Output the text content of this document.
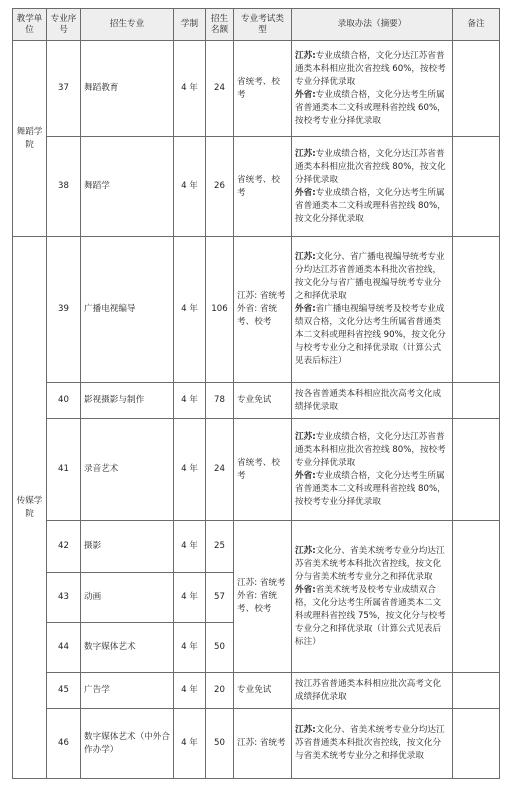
教学单位	专业序号	招生专业	学制	招生名额	专业考试类型	录取办法（摘要）	备注
舞蹈学院	37	舞蹈教育	4 年	24	省统考、校考	江苏:专业成绩合格，文化分达江苏省普通类本科相应批次省控线 60%，按校考专业分择优录取
外省:专业成绩合格，文化分达考生所属省普通类本二文科或理科省控线 60%，按校考专业分择优录取	

	38	舞蹈学	4 年	26	省统考、校考	江苏:专业成绩合格，文化分达江苏省普通类本科相应批次省控线 80%，按文化分择优录取
外省:专业成绩合格，文化分达考生所属省普通类本二文科或理科省控线 80%，按文化分择优录取	

传媒学院	39	广播电视编导	4 年	106	江苏: 省统考外省: 省统考、校考	江苏:文化分、省广播电视编导统考专业分均达江苏省普通类本科批次省控线，按文化分与省广播电视编导统考专业分之和择优录取
外省:省广播电视编导统考及校考专业成绩双合格，文化分达考生所属省普通类本二文科或理科省控线 90%，按文化分与校考专业分之和择优录取（计算公式见表后标注）	

	40	影视摄影与制作	4 年	78	专业免试	按各省普通类本科相应批次高考文化成绩择优录取	

	41	录音艺术	4 年	24	省统考、校考	江苏:专业成绩合格，文化分达江苏省普通类本科相应批次省控线 80%，按校考专业分择优录取
外省:专业成绩合格，文化分达考生所属省普通类本二文科或理科省控线 80%，按校考专业分择优录取	

	42	摄影	4 年	25	江苏: 省统考外省: 省统考、校考	江苏:文化分、省美术统考专业分均达江苏省美术统考本科批次省控线，按文化分与省美术统考专业分之和择优录取
外省:省美术统考及校考专业成绩双合格，文化分达考生所属省普通类本二文科或理科省控线 75%，按文化分与校考专业分之和择优录取（计算公式见表后标注）	

	43	动画	4 年	57			
	44	数字媒体艺术	4 年	50			
	45	广告学	4 年	20	专业免试	按江苏省普通类本科相应批次高考文化成绩择优录取	

	46	数字媒体艺术（中外合作办学）	4 年	50	江苏: 省统考	江苏:文化分、省美术统考专业分均达江苏省普通类本科批次省控线，按文化分与省美术统考专业分之和择优录取	
